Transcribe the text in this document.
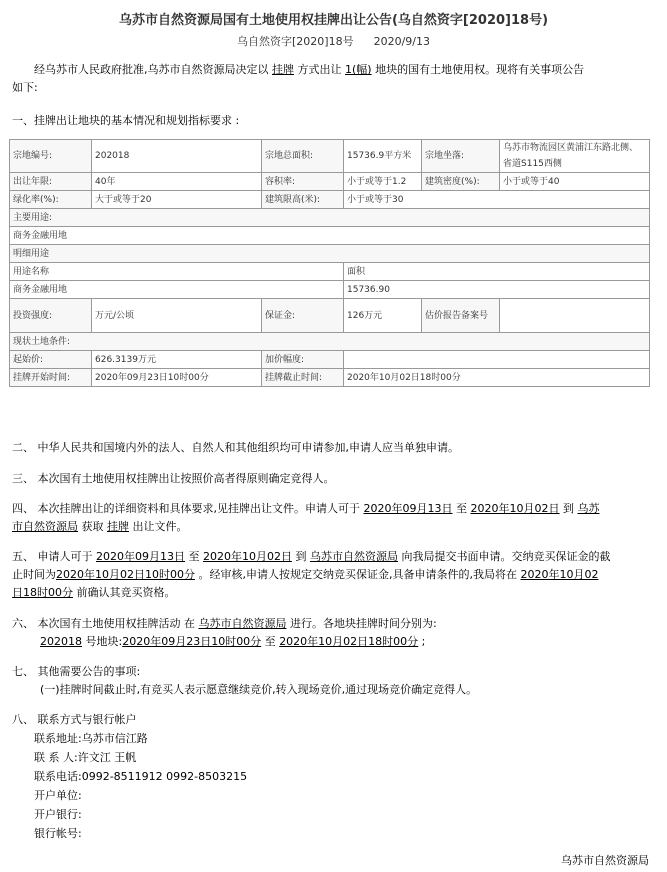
乌苏市自然资源局国有土地使用权挂牌出让公告(乌自然资字[2020]18号)
乌自然资字[2020]18号 2020/9/13
经乌苏市人民政府批准,乌苏市自然资源局决定以 挂牌 方式出让 1(幅) 地块的国有土地使用权。现将有关事项公告
如下:
一、挂牌出让地块的基本情况和规划指标要求 :
宗地编号:	202018	宗地总面积:	15736.9平方米	宗地坐落:	乌苏市物流园区黄浦江东路北侧、省道S115西侧
出让年限:	40年	容积率:	小于或等于1.2	建筑密度(%):	小于或等于40
绿化率(%):	大于或等于20	建筑限高(米):	小于或等于30		
主要用途:					
商务金融用地					
明细用途					
用途名称			面积		
商务金融用地			15736.90		
投资强度:	万元/公顷	保证金:	126万元	估价报告备案号	
现状土地条件:					
起始价:	626.3139万元	加价幅度:			
挂牌开始时间:	2020年09月23日10时00分	挂牌截止时间:	2020年10月02日18时00分		
二、 中华人民共和国境内外的法人、自然人和其他组织均可申请参加,申请人应当单独申请。
三、 本次国有土地使用权挂牌出让按照价高者得原则确定竞得人。
四、 本次挂牌出让的详细资料和具体要求,见挂牌出让文件。申请人可于 2020年09月13日 至 2020年10月02日 到 乌苏
市自然资源局 获取 挂牌 出让文件。
五、 申请人可于 2020年09月13日 至 2020年10月02日 到 乌苏市自然资源局 向我局提交书面申请。交纳竞买保证金的截
止时间为2020年10月02日10时00分 。经审核,申请人按规定交纳竞买保证金,具备申请条件的,我局将在 2020年10月02
日18时00分 前确认其竞买资格。
六、 本次国有土地使用权挂牌活动 在 乌苏市自然资源局 进行。各地块挂牌时间分别为:
202018 号地块:2020年09月23日10时00分 至 2020年10月02日18时00分 ;
七、 其他需要公告的事项:
(一)挂牌时间截止时,有竞买人表示愿意继续竞价,转入现场竞价,通过现场竞价确定竞得人。
八、 联系方式与银行帐户
联系地址:乌苏市信江路
联 系 人:许文江 王帆
联系电话:0992-8511912 0992-8503215
开户单位:
开户银行:
银行帐号:
乌苏市自然资源局
